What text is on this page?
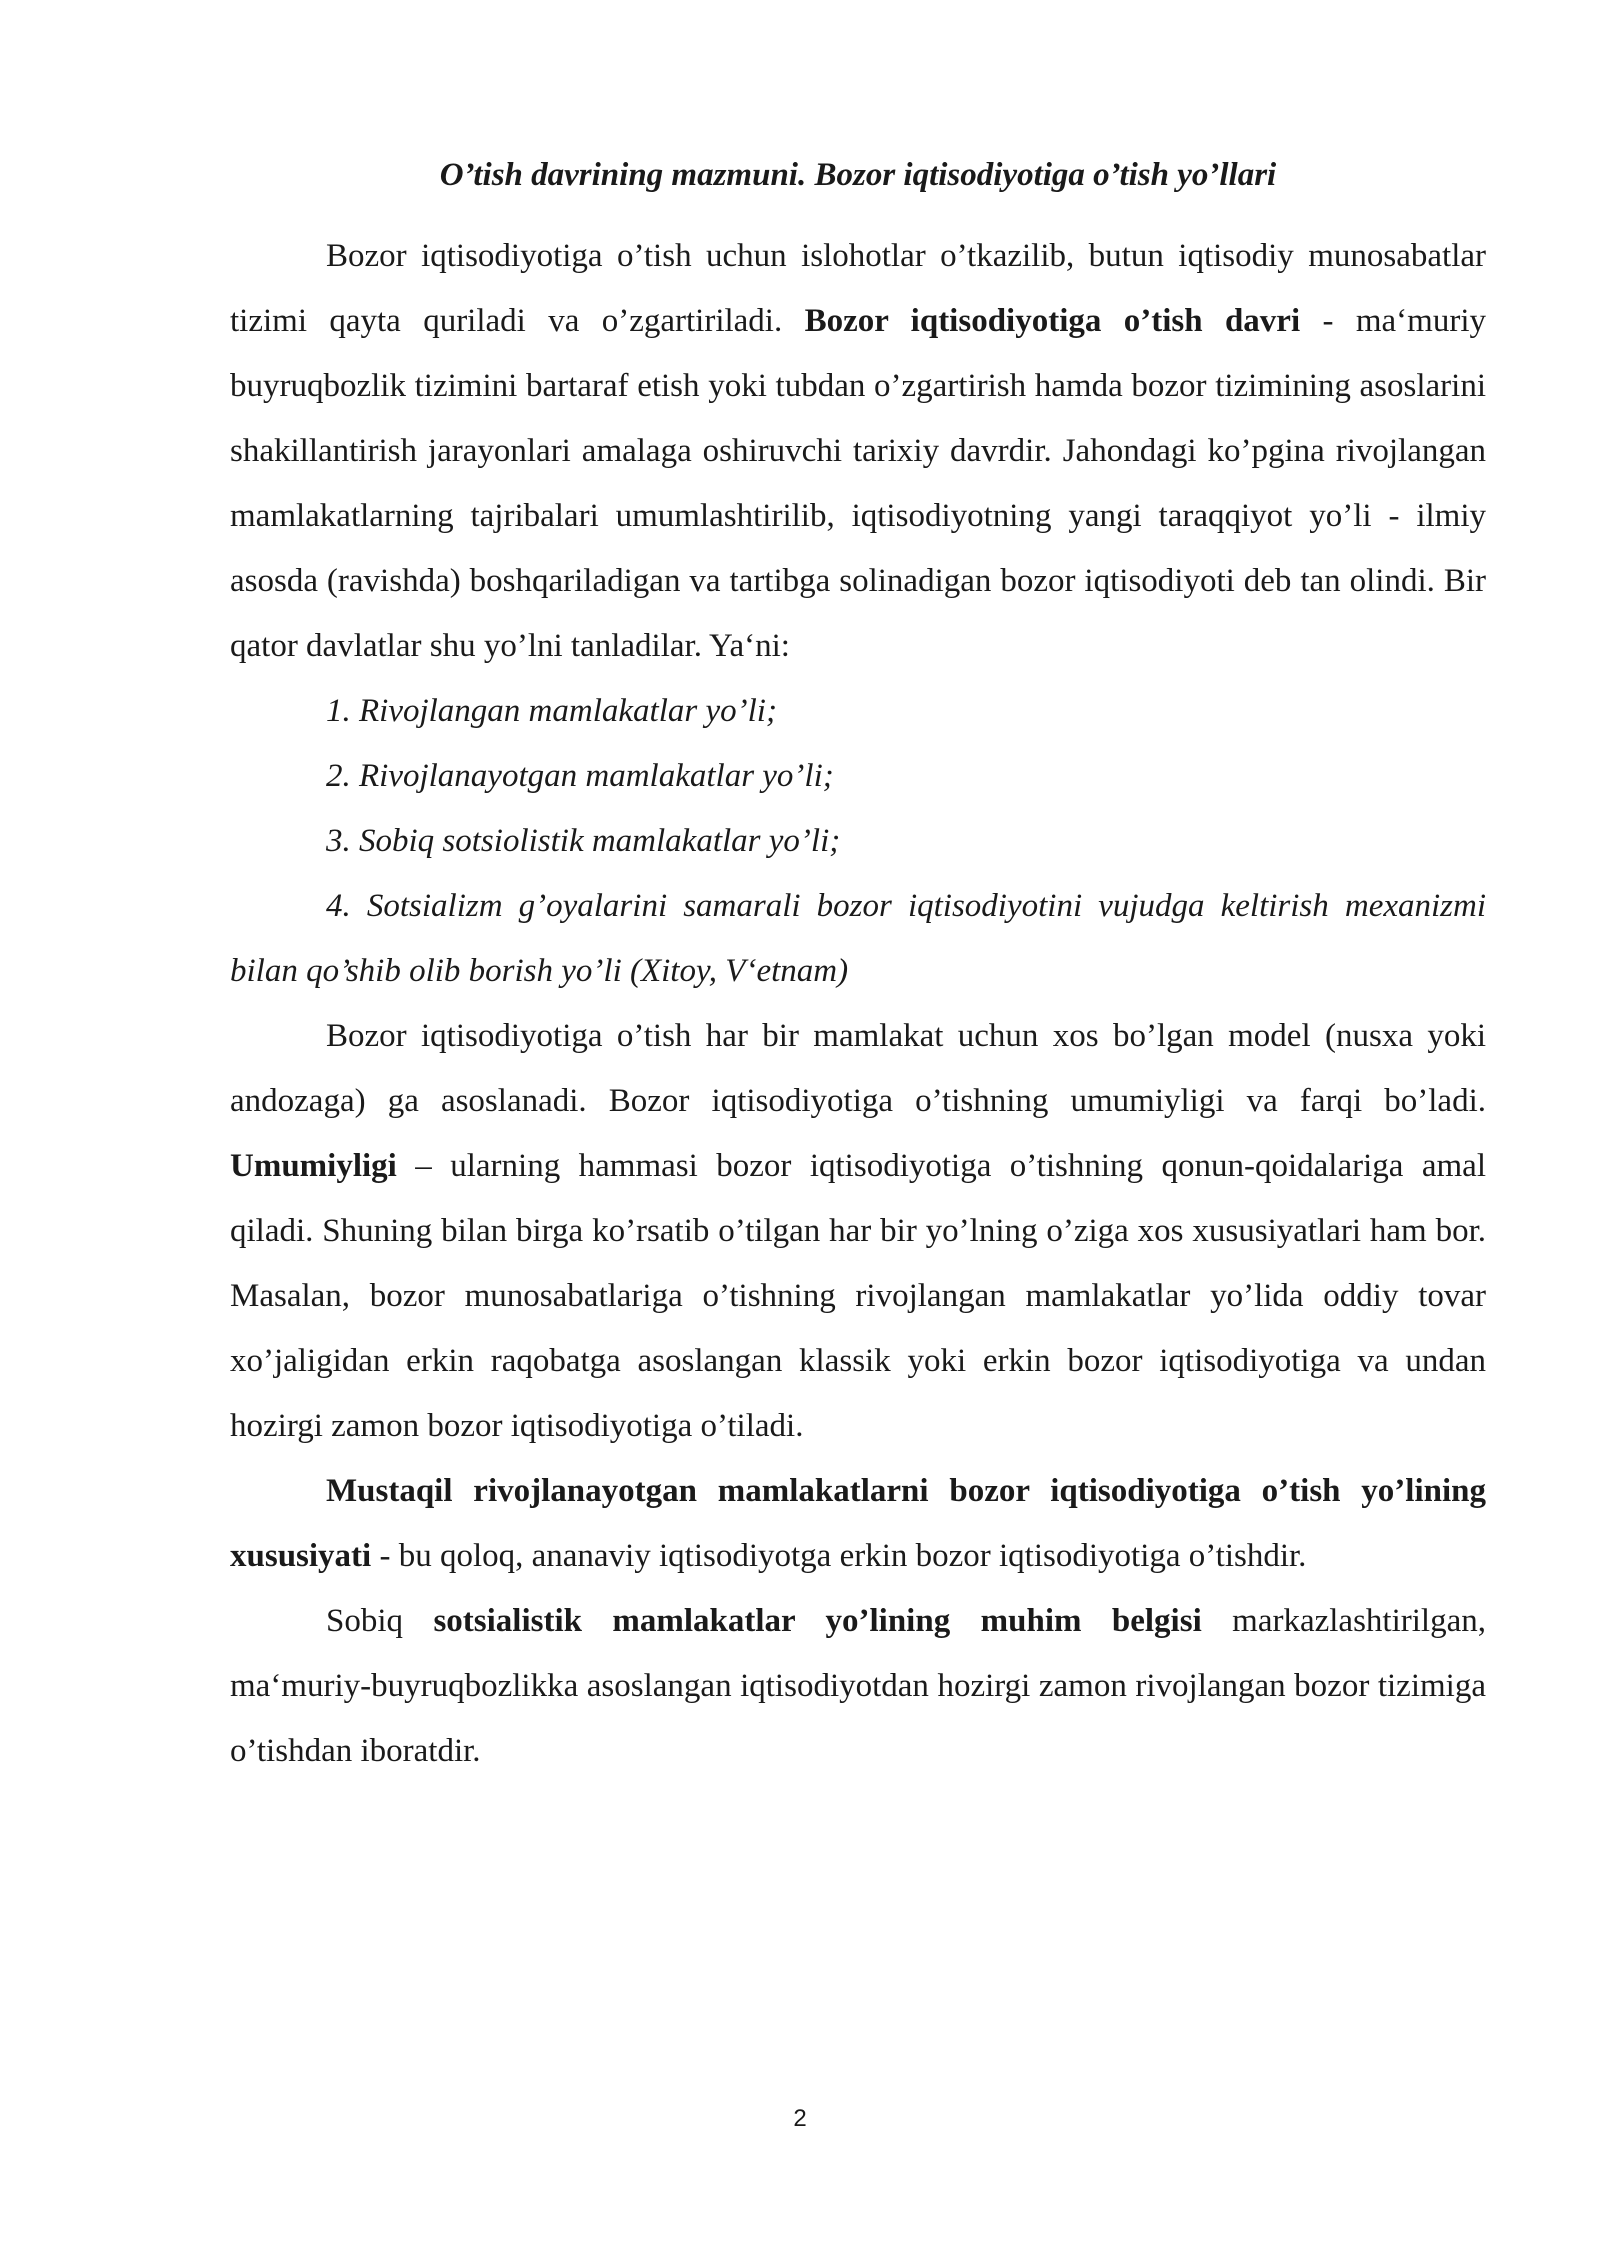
O’tish davrining mazmuni. Bozor iqtisodiyotiga o’tish yo’llari

Bozor iqtisodiyotiga o’tish uchun islohotlar o’tkazilib, butun iqtisodiy munosabatlar tizimi qayta quriladi va o’zgartiriladi. Bozor iqtisodiyotiga o’tish davri - ma‘muriy buyruqbozlik tizimini bartaraf etish yoki tubdan o’zgartirish hamda bozor tizimining asoslarini shakillantirish jarayonlari amalaga oshiruvchi tarixiy davrdir. Jahondagi ko’pgina rivojlangan mamlakatlarning tajribalari umumlashtirilib, iqtisodiyotning yangi taraqqiyot yo’li - ilmiy asosda (ravishda) boshqariladigan va tartibga solinadigan bozor iqtisodiyoti deb tan olindi. Bir qator davlatlar shu yo’lni tanladilar. Ya‘ni:

1. Rivojlangan mamlakatlar yo’li;
2. Rivojlanayotgan mamlakatlar yo’li;
3. Sobiq sotsiolistik mamlakatlar yo’li;
4. Sotsializm g’oyalarini samarali bozor iqtisodiyotini vujudga keltirish mexanizmi bilan qo’shib olib borish yo’li (Xitoy, V‘etnam)

Bozor iqtisodiyotiga o’tish har bir mamlakat uchun xos bo’lgan model (nusxa yoki andozaga) ga asoslanadi. Bozor iqtisodiyotiga o’tishning umumiyligi va farqi bo’ladi. Umumiyligi – ularning hammasi bozor iqtisodiyotiga o’tishning qonun-qoidalariga amal qiladi. Shuning bilan birga ko’rsatib o’tilgan har bir yo’lning o’ziga xos xususiyatlari ham bor. Masalan, bozor munosabatlariga o’tishning rivojlangan mamlakatlar yo’lida oddiy tovar xo’jaligidan erkin raqobatga asoslangan klassik yoki erkin bozor iqtisodiyotiga va undan hozirgi zamon bozor iqtisodiyotiga o’tiladi.

Mustaqil rivojlanayotgan mamlakatlarni bozor iqtisodiyotiga o’tish yo’lining xususiyati - bu qoloq, ananaviy iqtisodiyotga erkin bozor iqtisodiyotiga o’tishdir.

Sobiq sotsialistik mamlakatlar yo’lining muhim belgisi markazlashtirilgan, ma‘muriy-buyruqbozlikka asoslangan iqtisodiyotdan hozirgi zamon rivojlangan bozor tizimiga o’tishdan iboratdir.

2
